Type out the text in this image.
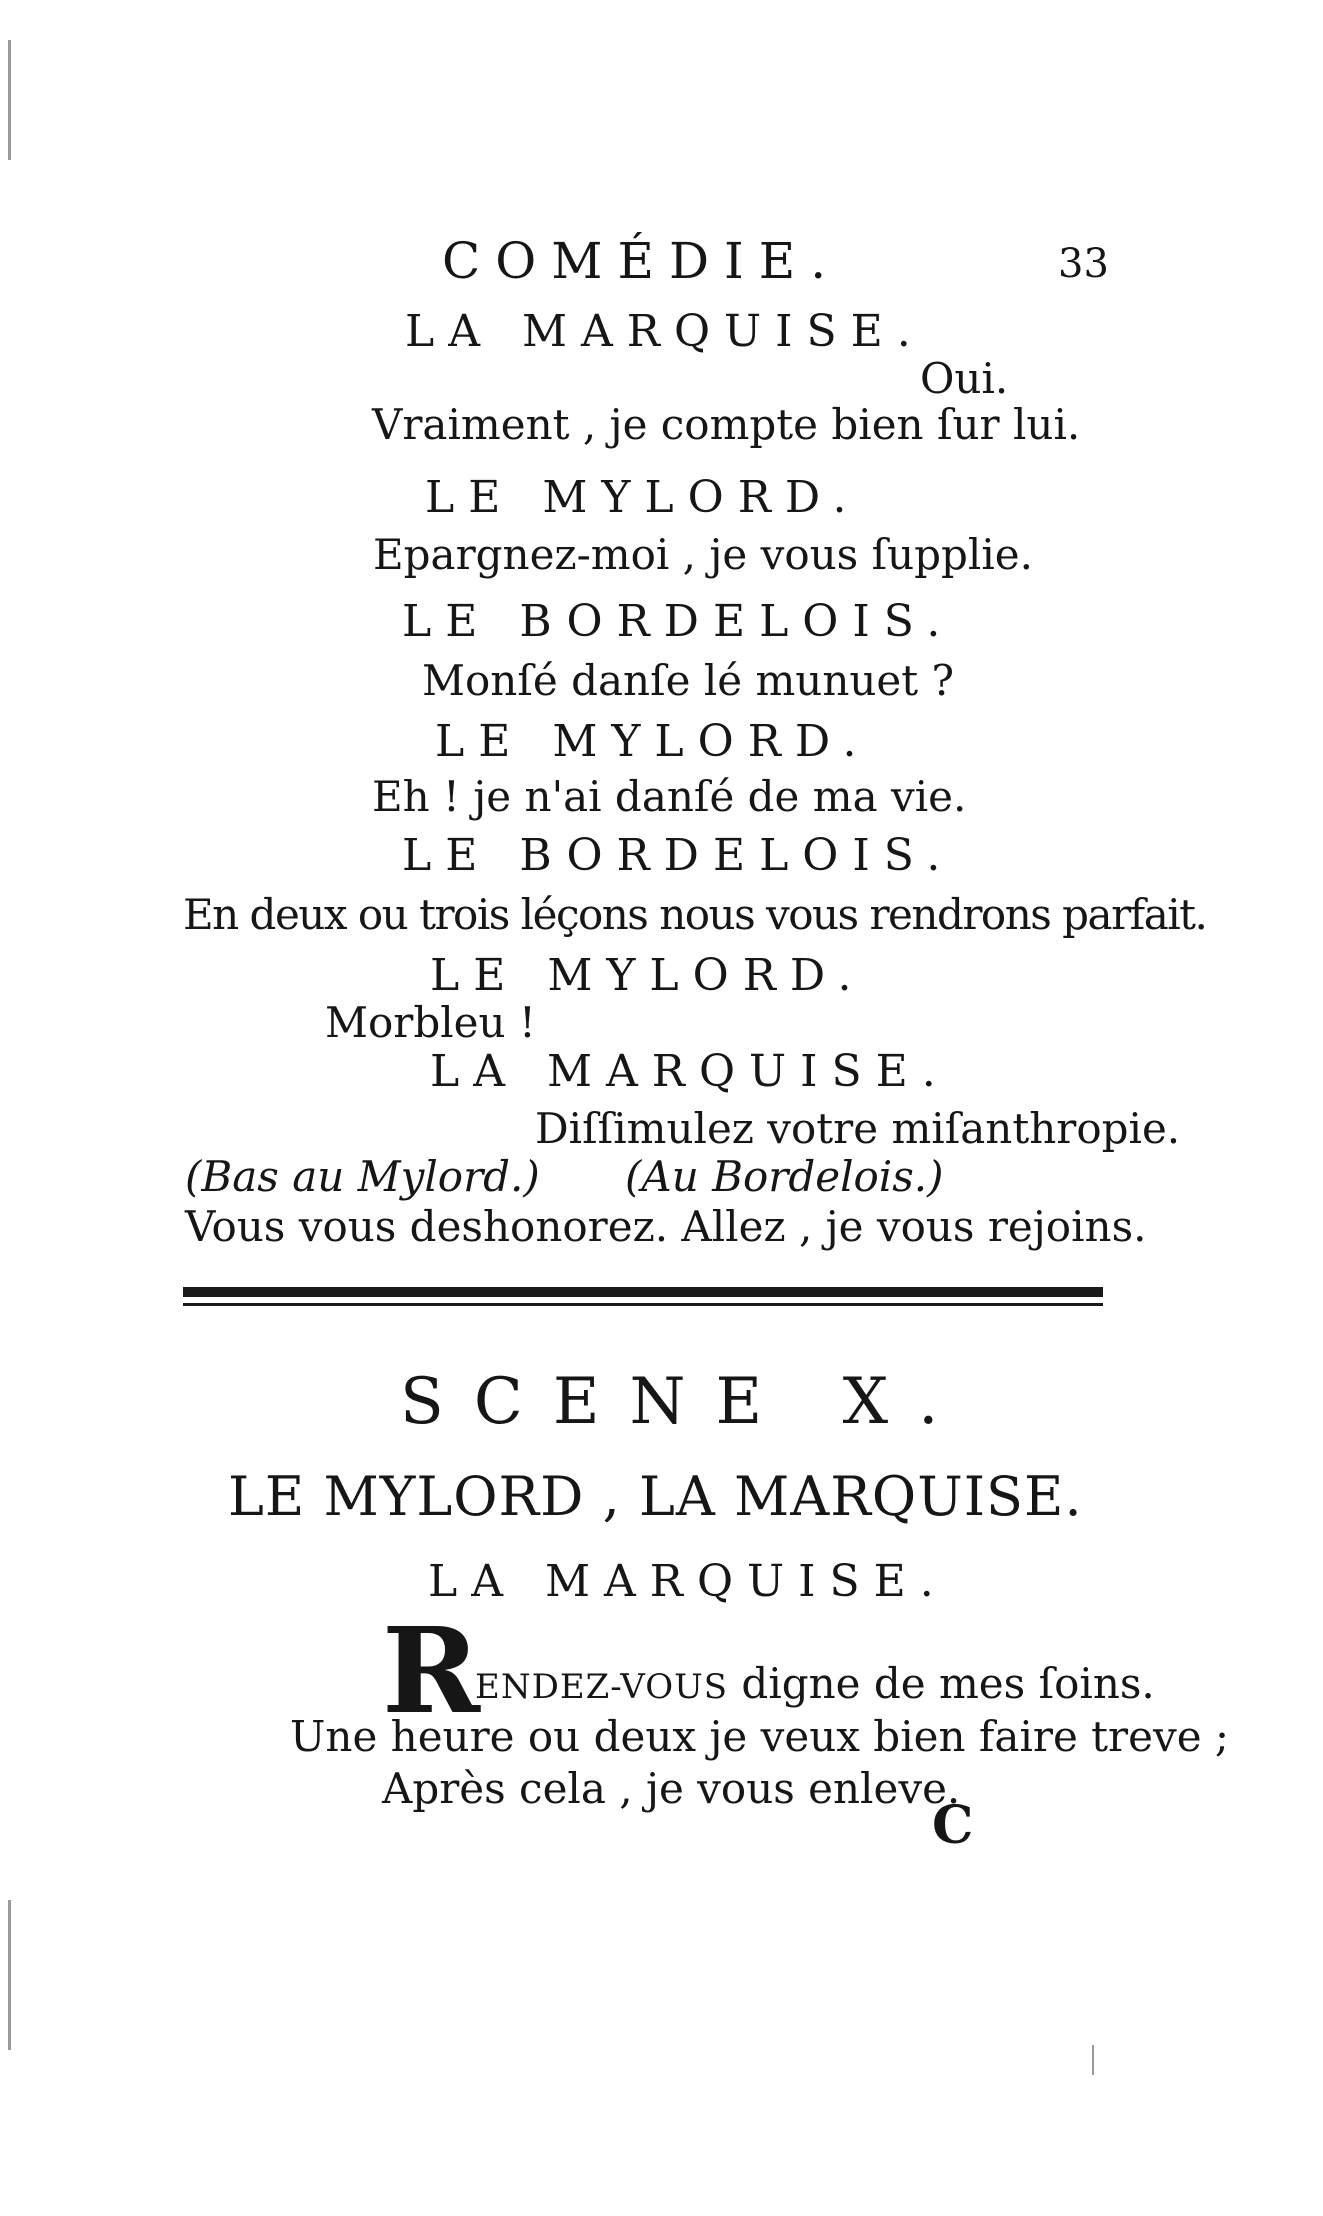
COMÉDIE.	33
LA MARQUISE.
Oui.
Vraiment , je compte bien ſur lui.
LE MYLORD.
Epargnez-moi , je vous ſupplie.
LE BORDELOIS.
Monſé danſe lé munuet ?
LE MYLORD.
Eh ! je n'ai danſé de ma vie.
LE BORDELOIS.
En deux ou trois léçons nous vous rendrons parfait.
LE MYLORD.
Morbleu !
LA MARQUISE.
Diſſimulez votre miſanthropie.
(Bas au Mylord.) (Au Bordelois.)
Vous vous deshonorez. Allez , je vous rejoins.
SCENE X.
LE MYLORD , LA MARQUISE.
LA MARQUISE.
R
ENDEZ-VOUS digne de mes ſoins.
Une heure ou deux je veux bien faire treve ;
Après cela , je vous enleve.
C
